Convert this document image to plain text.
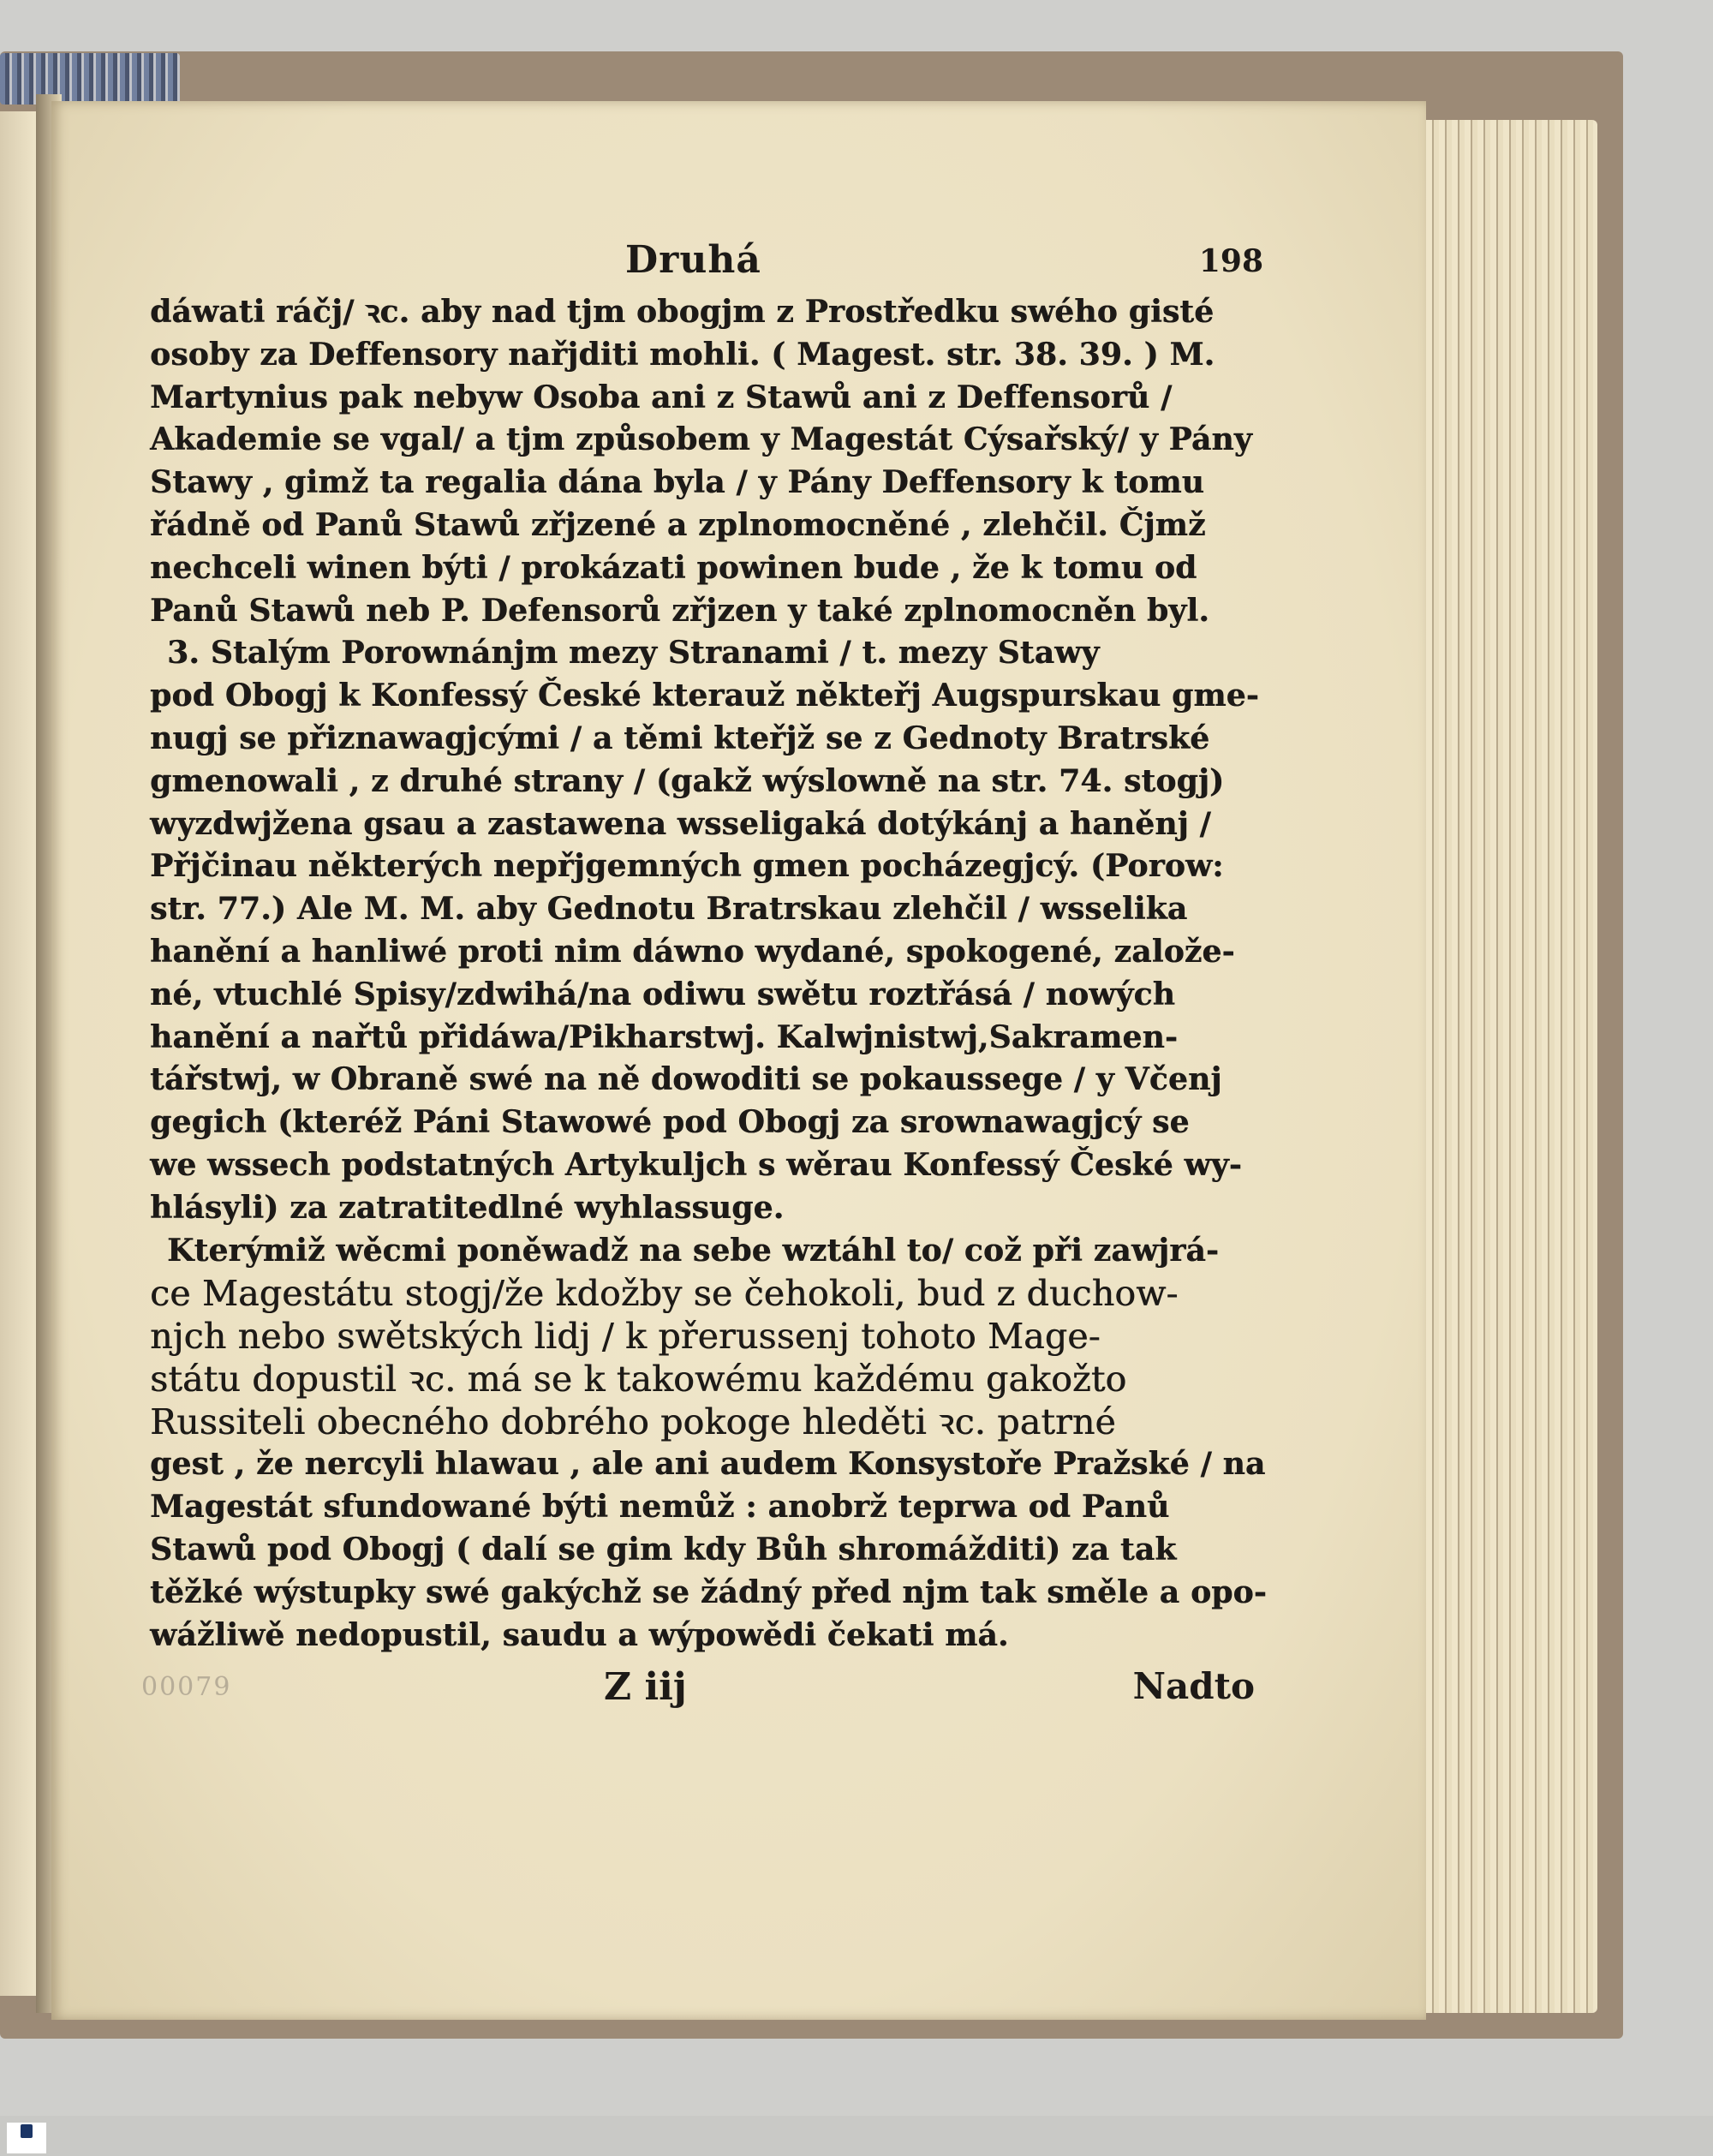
Druhá	198
dáwati ráčj/ ꝛc. aby nad tjm obogjm z Prostředku swého gisté
osoby za Deffensory nařjditi mohli. ( Magest. str. 38. 39. ) M.
Martynius pak nebyw Osoba ani z Stawů ani z Deffensorů /
Akademie se vgal/ a tjm způsobem y Magestát Cýsařský/ y Pány
Stawy , gimž ta regalia dána byla / y Pány Deffensory k tomu
řádně od Panů Stawů zřjzené a zplnomocněné , zlehčil. Čjmž
nechceli winen býti / prokázati powinen bude , že k tomu od
Panů Stawů neb P. Defensorů zřjzen y také zplnomocněn byl.
3. Stalým Porownánjm mezy Stranami / t. mezy Stawy
pod Obogj k Konfessý České kterauž někteřj Augspurskau gme-
nugj se přiznawagjcými / a těmi kteřjž se z Gednoty Bratrské
gmenowali , z druhé strany / (gakž wýslowně na str. 74. stogj)
wyzdwjžena gsau a zastawena wsseligaká dotýkánj a haněnj /
Přjčinau některých nepřjgemných gmen pocházegjcý. (Porow:
str. 77.) Ale M. M. aby Gednotu Bratrskau zlehčil / wsselika
hanění a hanliwé proti nim dáwno wydané, spokogené, založe-
né, vtuchlé Spisy/zdwihá/na odiwu swětu roztřásá / nowých
hanění a nařtů přidáwa/Pikharstwj. Kalwjnistwj,Sakramen-
tářstwj, w Obraně swé na ně dowoditi se pokaussege / y Včenj
gegich (kteréž Páni Stawowé pod Obogj za srownawagjcý se
we wssech podstatných Artykuljch s wěrau Konfessý České wy-
hlásyli) za zatratitedlné wyhlassuge.
Kterýmiž wěcmi poněwadž na sebe wztáhl to/ což při zawjrá-
ce Magestátu stogj/že kdožby se čehokoli, bud z duchow-
njch nebo swětských lidj / k přerussenj tohoto Mage-
státu dopustil ꝛc. má se k takowému každému gakožto
Russiteli obecného dobrého pokoge hleděti ꝛc. patrné
gest , že nercyli hlawau , ale ani audem Konsystoře Pražské / na
Magestát sfundowané býti nemůž : anobrž teprwa od Panů
Stawů pod Obogj ( dalí se gim kdy Bůh shromážditi) za tak
těžké wýstupky swé gakýchž se žádný před njm tak směle a opo-
wážliwě nedopustil, saudu a wýpowědi čekati má.
00079	Z iij	Nadto
